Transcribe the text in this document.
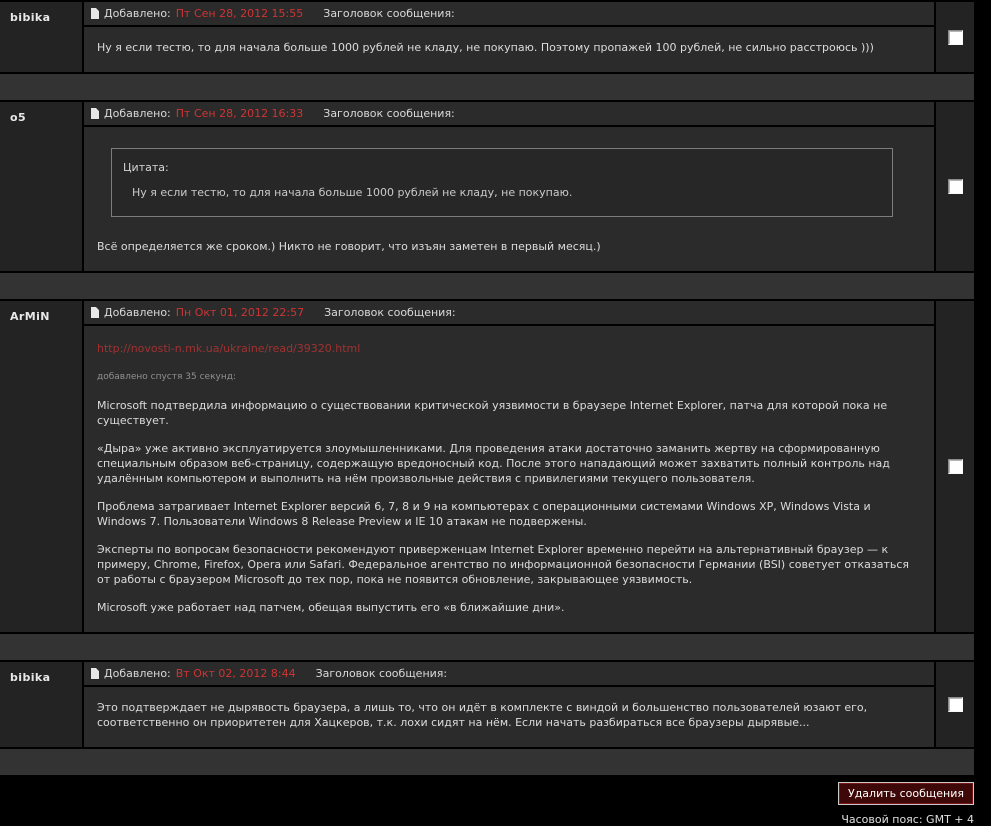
bibika	Добавлено: Пт Сен 28, 2012 15:55 Заголовок сообщения:
Ну я если тестю, то для начала больше 1000 рублей не кладу, не покупаю. Поэтому пропажей 100 рублей, не сильно расстроюсь )))
o5	Добавлено: Пт Сен 28, 2012 16:33 Заголовок сообщения:
Цитата:
Ну я если тестю, то для начала больше 1000 рублей не кладу, не покупаю.
Всё определяется же сроком.) Никто не говорит, что изъян заметен в первый месяц.)
ArMiN	Добавлено: Пн Окт 01, 2012 22:57 Заголовок сообщения:
http://novosti-n.mk.ua/ukraine/read/39320.html
добавлено спустя 35 секунд:
Microsoft подтвердила информацию о существовании критической уязвимости в браузере Internet Explorer, патча для которой пока не существует.
«Дыра» уже активно эксплуатируется злоумышленниками. Для проведения атаки достаточно заманить жертву на сформированную специальным образом веб-страницу, содержащую вредоносный код. После этого нападающий может захватить полный контроль над удалённым компьютером и выполнить на нём произвольные действия с привилегиями текущего пользователя.
Проблема затрагивает Internet Explorer версий 6, 7, 8 и 9 на компьютерах с операционными системами Windows XP, Windows Vista и Windows 7. Пользователи Windows 8 Release Preview и IE 10 атакам не подвержены.
Эксперты по вопросам безопасности рекомендуют приверженцам Internet Explorer временно перейти на альтернативный браузер — к примеру, Chrome, Firefox, Opera или Safari. Федеральное агентство по информационной безопасности Германии (BSI) советует отказаться от работы с браузером Microsoft до тех пор, пока не появится обновление, закрывающее уязвимость.
Microsoft уже работает над патчем, обещая выпустить его «в ближайшие дни».
bibika	Добавлено: Вт Окт 02, 2012 8:44 Заголовок сообщения:
Это подтверждает не дырявость браузера, а лишь то, что он идёт в комплекте с виндой и большенство пользователей юзают его, соответственно он приоритетен для Хацкеров, т.к. лохи сидят на нём. Если начать разбираться все браузеры дырявые...
Удалить сообщения
Часовой пояс: GMT + 4
